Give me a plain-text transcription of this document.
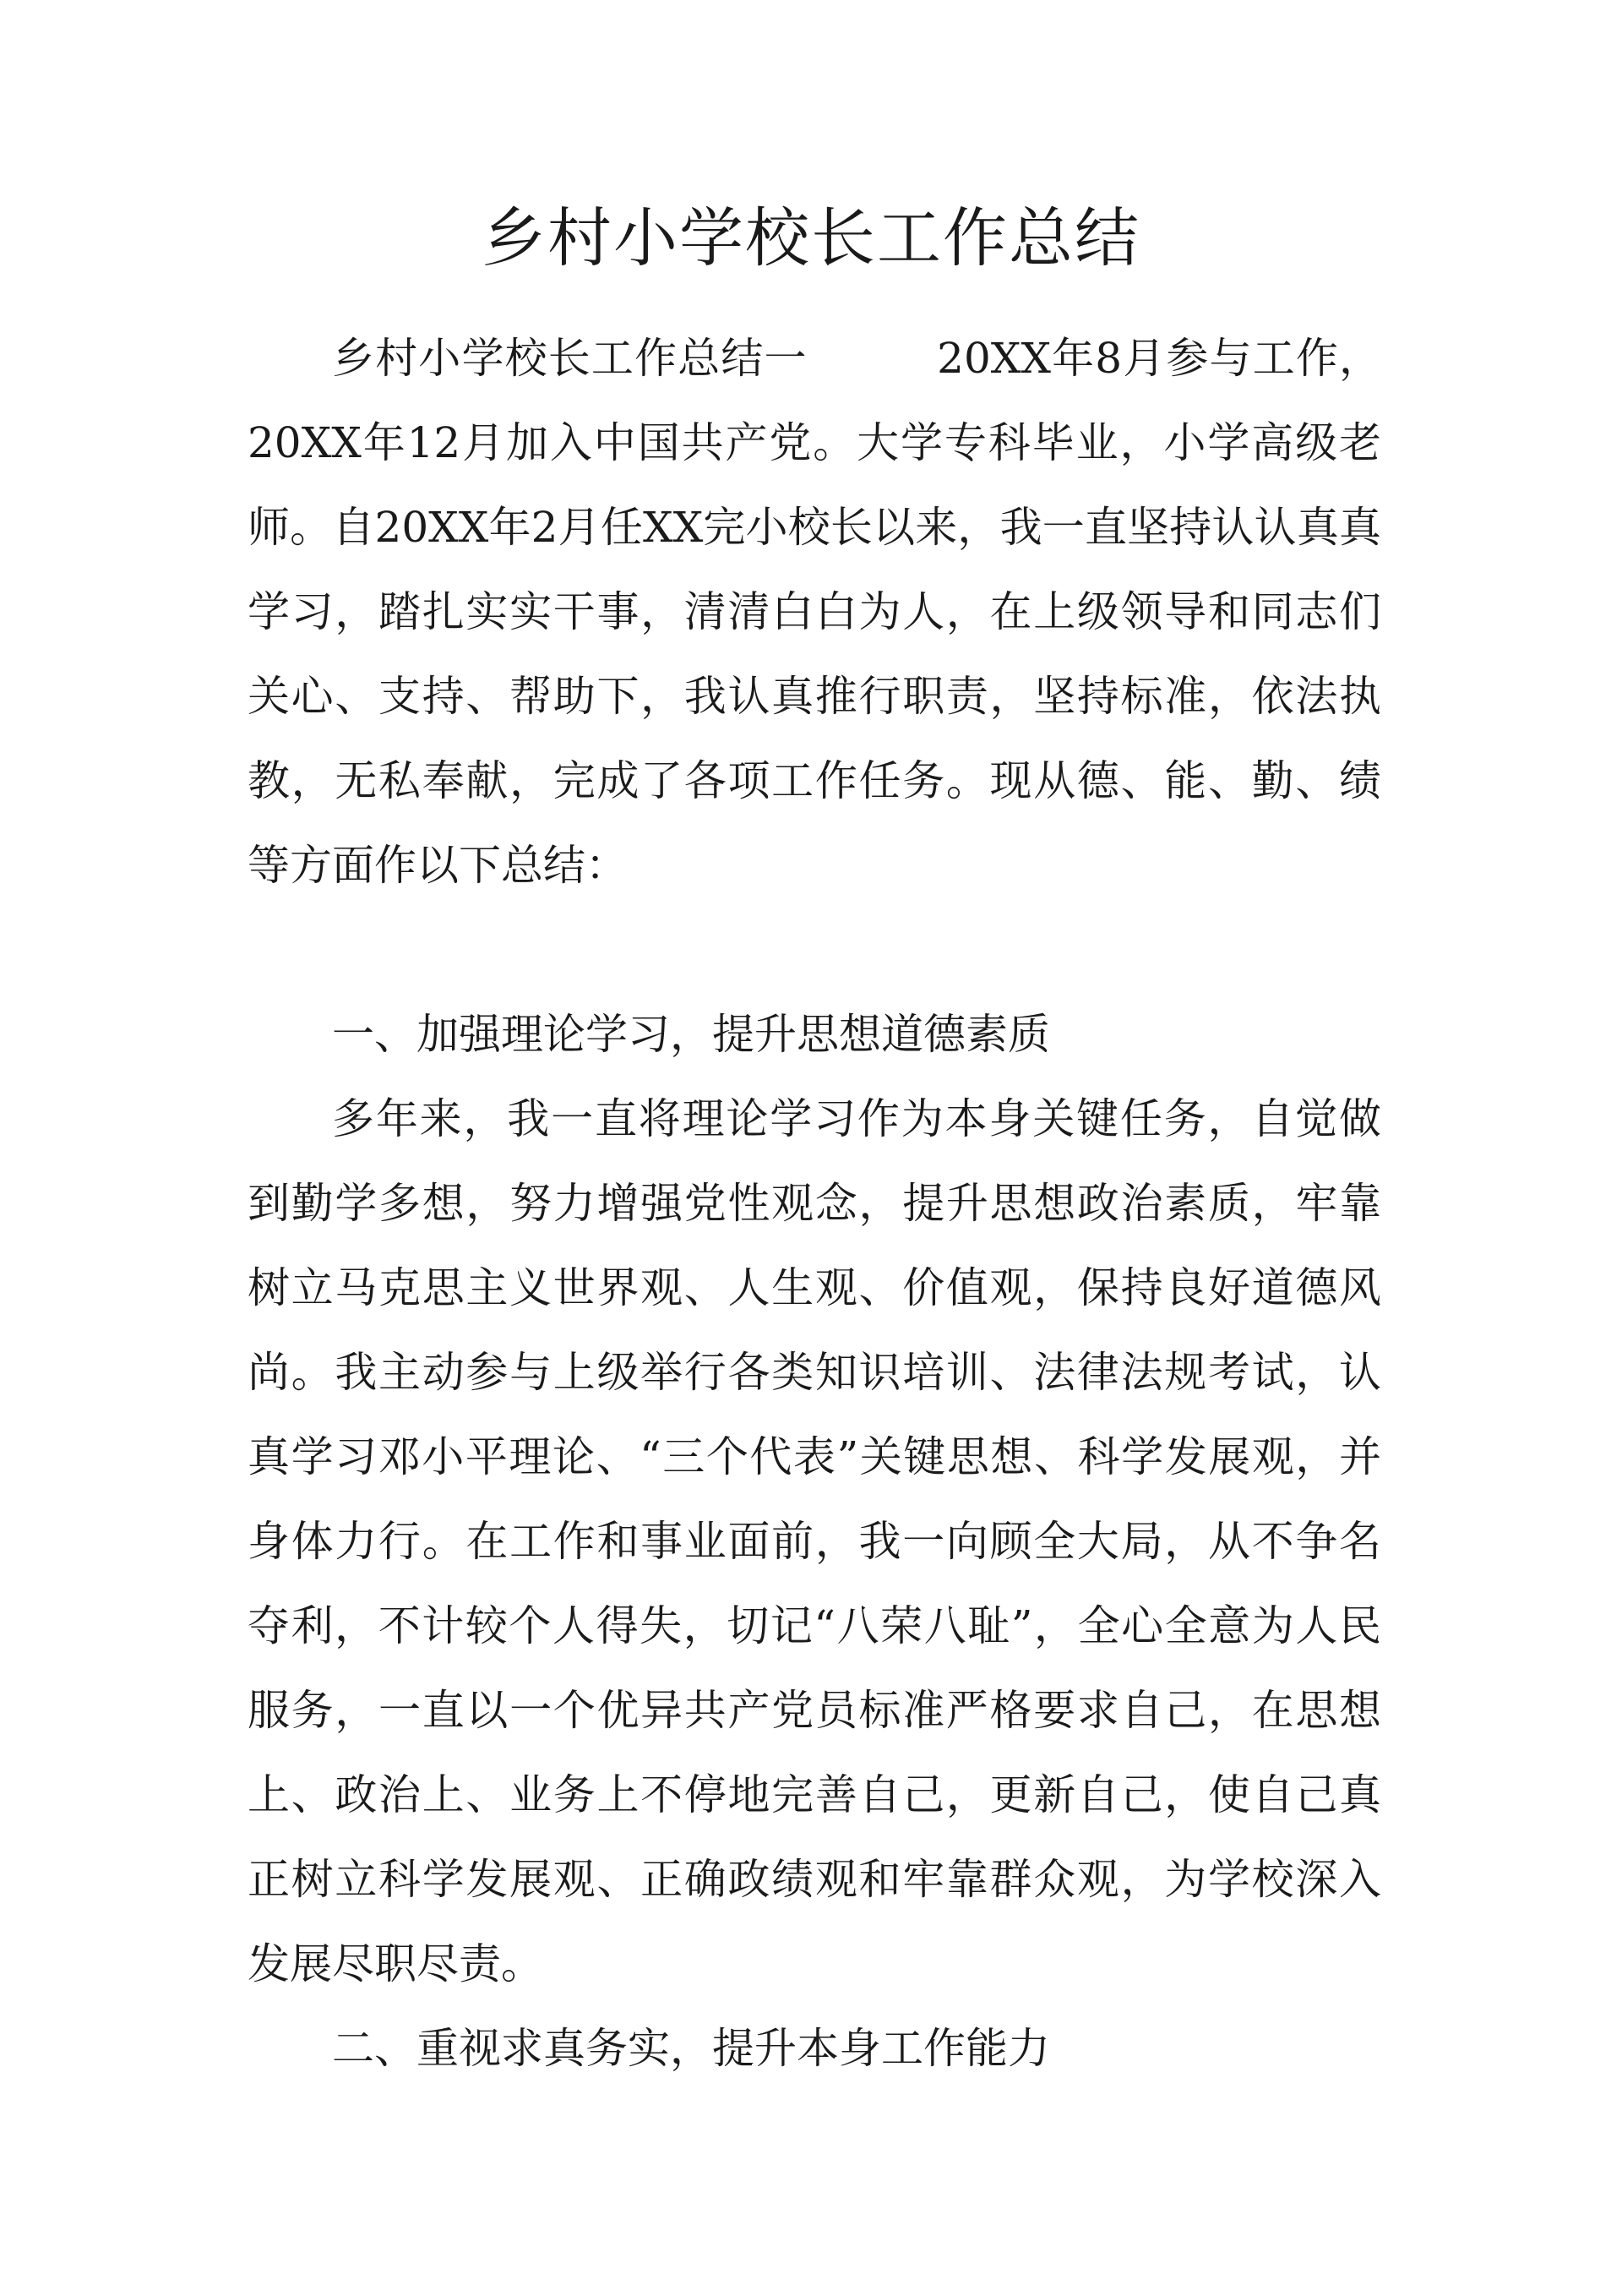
乡村小学校长工作总结

乡村小学校长工作总结一　　　20XX年8月参与工作，20XX年12月加入中国共产党。大学专科毕业，小学高级老师。自20XX年2月任XX完小校长以来，我一直坚持认认真真学习，踏扎实实干事，清清白白为人，在上级领导和同志们关心、支持、帮助下，我认真推行职责，坚持标准，依法执教，无私奉献，完成了各项工作任务。现从德、能、勤、绩等方面作以下总结：

一、加强理论学习，提升思想道德素质

多年来，我一直将理论学习作为本身关键任务，自觉做到勤学多想，努力增强党性观念，提升思想政治素质，牢靠树立马克思主义世界观、人生观、价值观，保持良好道德风尚。我主动参与上级举行各类知识培训、法律法规考试，认真学习邓小平理论、“三个代表”关键思想、科学发展观，并身体力行。在工作和事业面前，我一向顾全大局，从不争名夺利，不计较个人得失，切记“八荣八耻”，全心全意为人民服务，一直以一个优异共产党员标准严格要求自己，在思想上、政治上、业务上不停地完善自己，更新自己，使自己真正树立科学发展观、正确政绩观和牢靠群众观，为学校深入发展尽职尽责。

二、重视求真务实，提升本身工作能力
